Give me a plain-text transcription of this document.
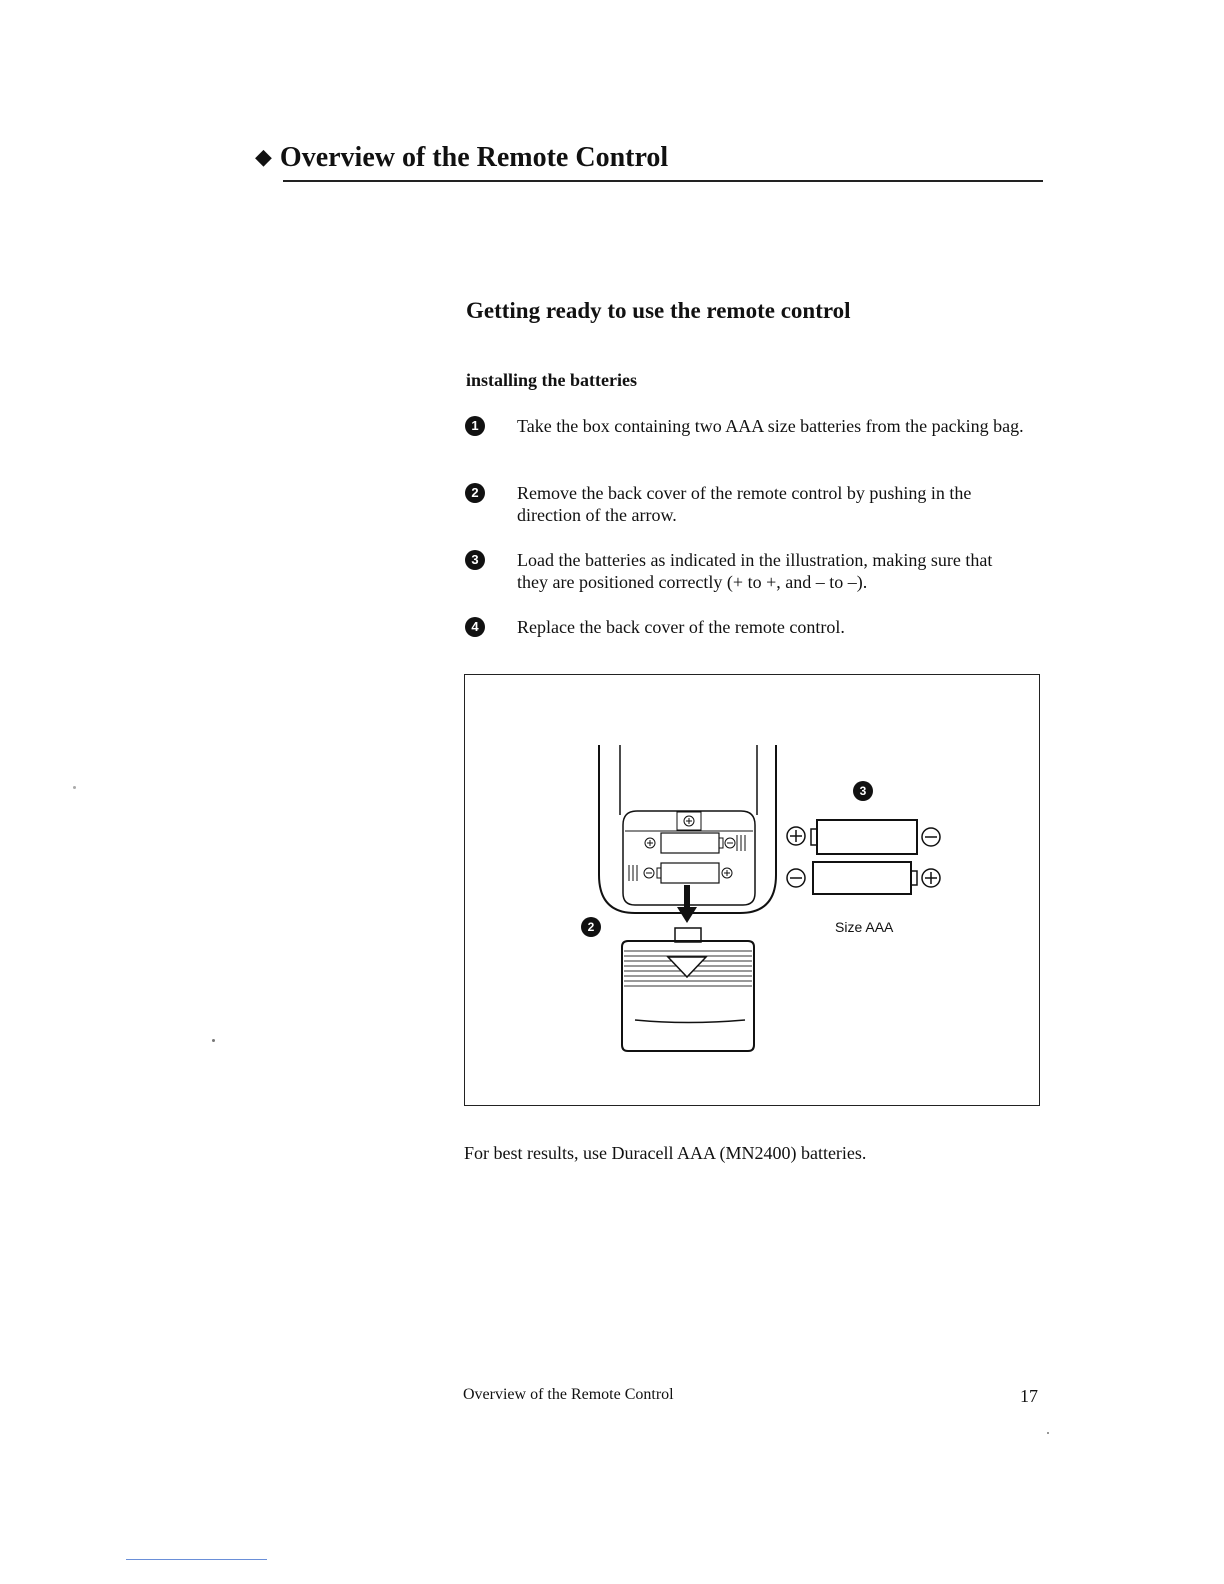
◆ Overview of the Remote Control
Getting ready to use the remote control
installing the batteries
1	Take the box containing two AAA size batteries from the packing bag.
2	Remove the back cover of the remote control by pushing in the direction of the arrow.
3	Load the batteries as indicated in the illustration, making sure that they are positioned correctly (+ to +, and – to –).
4	Replace the back cover of the remote control.
2
3
Size AAA
For best results, use Duracell AAA (MN2400) batteries.
Overview of the Remote Control	17
